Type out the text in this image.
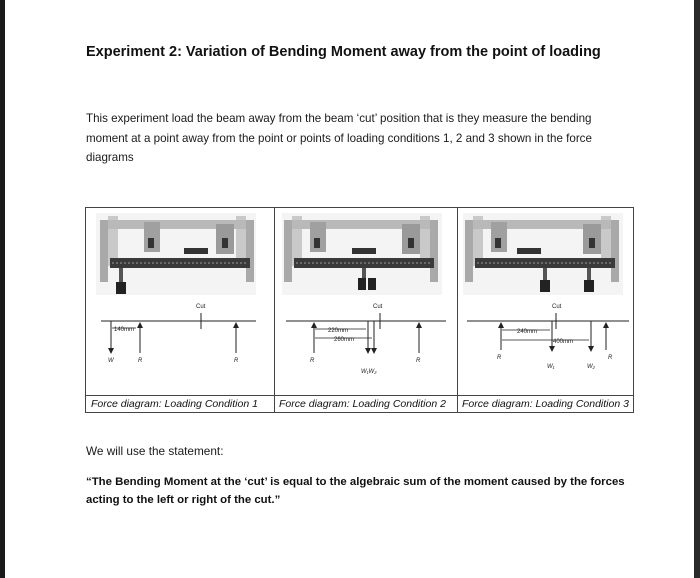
Experiment 2: Variation of Bending Moment away from the point of loading
This experiment load the beam away from the beam ‘cut’ position that is they measure the bending moment at a point away from the point or points of loading conditions 1, 2 and 3 shown in the force diagrams
Cut
140mm
W	R	R
Cut
220mm
260mm
R	R
W₁W₂
Cut
240mm
400mm
R	R
W₁	W₂
Force diagram: Loading Condition 1	Force diagram: Loading Condition 2	Force diagram: Loading Condition 3
We will use the statement:
“The Bending Moment at the ‘cut’ is equal to the algebraic sum of the moment caused by the forces acting to the left or right of the cut.”
